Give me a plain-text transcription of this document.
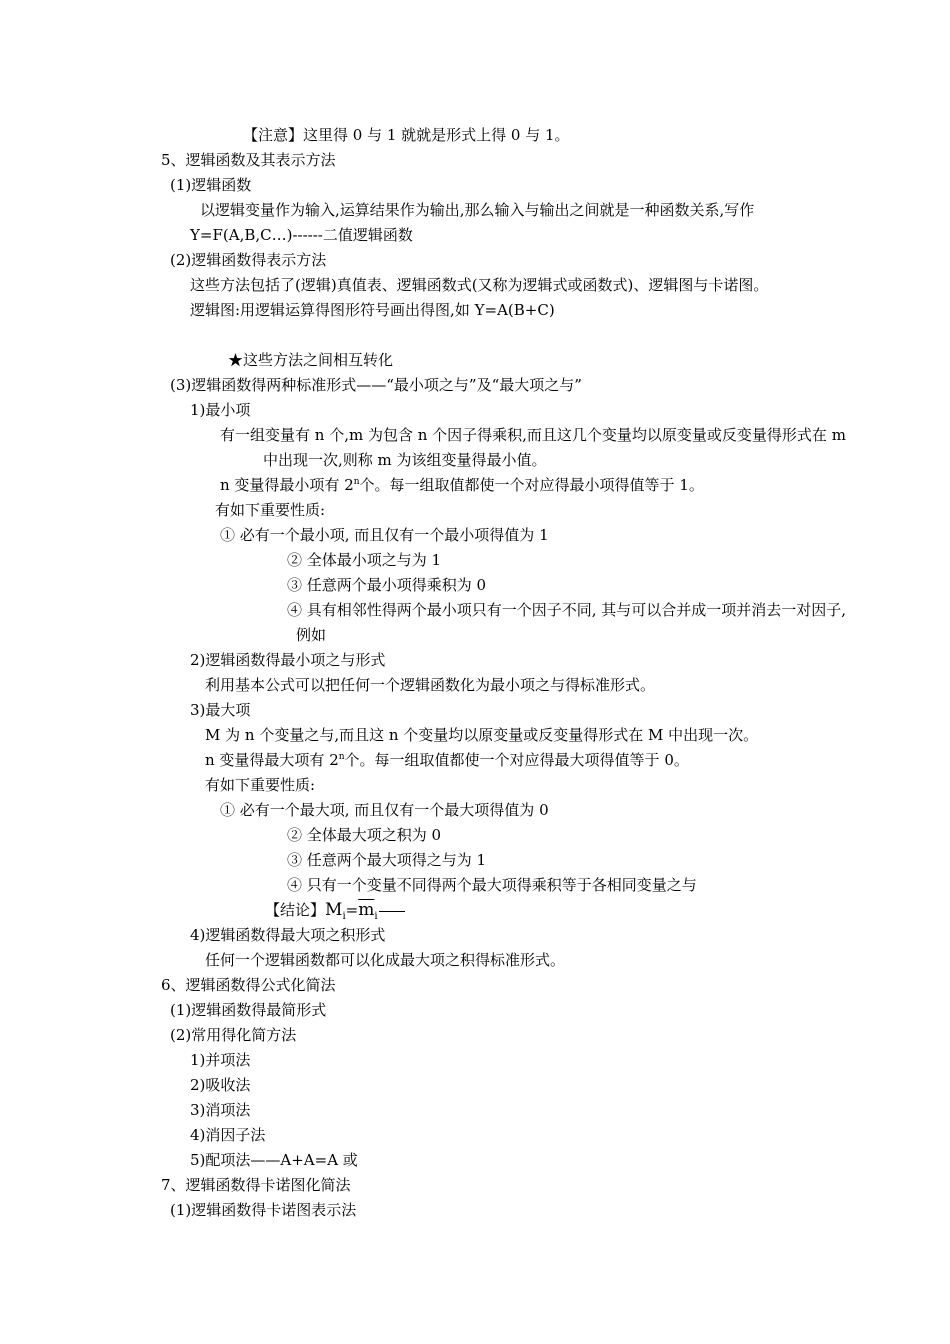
【注意】这里得 0 与 1 就就是形式上得 0 与 1。
5、逻辑函数及其表示方法
(1)逻辑函数
以逻辑变量作为输入,运算结果作为输出,那么输入与输出之间就是一种函数关系,写作
Y=F(A,B,C…)------二值逻辑函数
(2)逻辑函数得表示方法
这些方法包括了(逻辑)真值表、逻辑函数式(又称为逻辑式或函数式)、逻辑图与卡诺图。
逻辑图:用逻辑运算得图形符号画出得图,如 Y=A(B+C)
★这些方法之间相互转化
(3)逻辑函数得两种标准形式——“最小项之与”及“最大项之与”
1)最小项
有一组变量有 n 个,m 为包含 n 个因子得乘积,而且这几个变量均以原变量或反变量得形式在 m
中出现一次,则称 m 为该组变量得最小值。
n 变量得最小项有 2$^n$个。每一组取值都使一个对应得最小项得值等于 1。
有如下重要性质:
① 必有一个最小项, 而且仅有一个最小项得值为 1
② 全体最小项之与为 1
③ 任意两个最小项得乘积为 0
④ 具有相邻性得两个最小项只有一个因子不同, 其与可以合并成一项并消去一对因子,
例如
2)逻辑函数得最小项之与形式
利用基本公式可以把任何一个逻辑函数化为最小项之与得标准形式。
3)最大项
M 为 n 个变量之与,而且这 n 个变量均以原变量或反变量得形式在 M 中出现一次。
n 变量得最大项有 2$^n$个。每一组取值都使一个对应得最大项得值等于 0。
有如下重要性质:
① 必有一个最大项, 而且仅有一个最大项得值为 0
② 全体最大项之积为 0
③ 任意两个最大项得之与为 1
④ 只有一个变量不同得两个最大项得乘积等于各相同变量之与
【结论】$M_i=\overline{m}_i$
4)逻辑函数得最大项之积形式
任何一个逻辑函数都可以化成最大项之积得标准形式。
6、逻辑函数得公式化简法
(1)逻辑函数得最简形式
(2)常用得化简方法
1)并项法
2)吸收法
3)消项法
4)消因子法
5)配项法——A+A=A 或
7、逻辑函数得卡诺图化简法
(1)逻辑函数得卡诺图表示法
